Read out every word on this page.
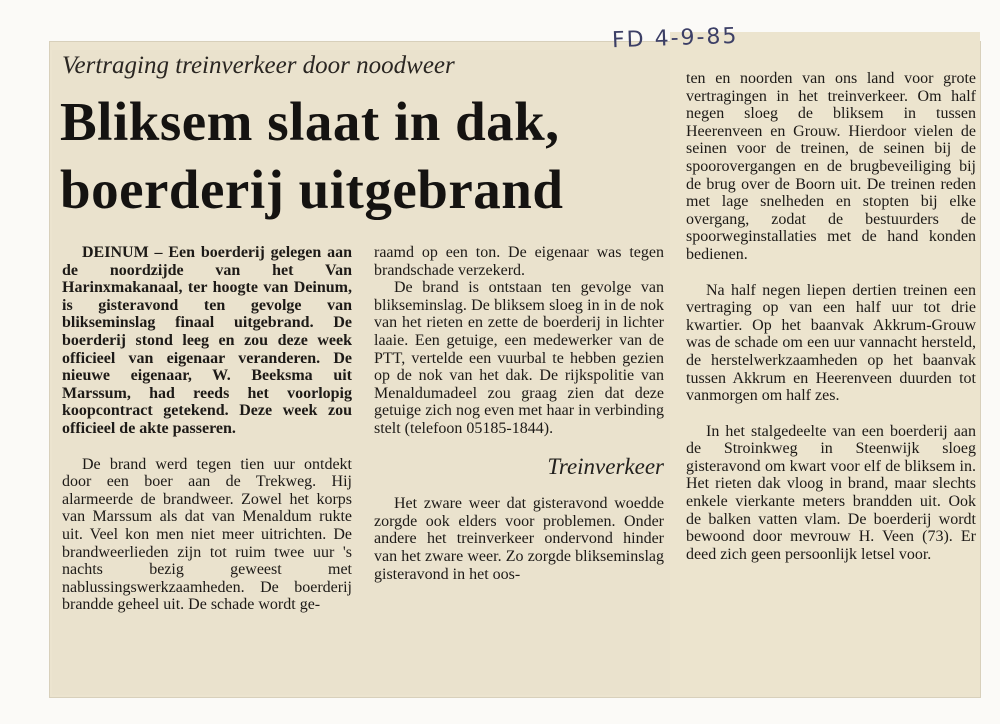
FD 4-9-85
Vertraging treinverkeer door noodweer
Bliksem slaat in dak, boerderij uitgebrand

DEINUM – Een boerderij gelegen aan de noordzijde van het Van Harinxmakanaal, ter hoogte van Deinum, is gisteravond ten gevolge van blikseminslag finaal uitgebrand. De boerderij stond leeg en zou deze week officieel van eigenaar veranderen. De nieuwe eigenaar, W. Beeksma uit Marssum, had reeds het voorlopig koopcontract getekend. Deze week zou officieel de akte passeren.

De brand werd tegen tien uur ontdekt door een boer aan de Trekweg. Hij alarmeerde de brandweer. Zowel het korps van Marssum als dat van Menaldum rukte uit. Veel kon men niet meer uitrichten. De brandweerlieden zijn tot ruim twee uur 's nachts bezig geweest met nablussingswerkzaamheden. De boerderij brandde geheel uit. De schade wordt ge-

raamd op een ton. De eigenaar was tegen brandschade verzekerd.

De brand is ontstaan ten gevolge van blikseminslag. De bliksem sloeg in in de nok van het rieten en zette de boerderij in lichter laaie. Een getuige, een medewerker van de PTT, vertelde een vuurbal te hebben gezien op de nok van het dak. De rijkspolitie van Menaldumadeel zou graag zien dat deze getuige zich nog even met haar in verbinding stelt (telefoon 05185-1844).

Treinverkeer

Het zware weer dat gisteravond woedde zorgde ook elders voor problemen. Onder andere het treinverkeer ondervond hinder van het zware weer. Zo zorgde blikseminslag gisteravond in het oos-

ten en noorden van ons land voor grote vertragingen in het treinverkeer. Om half negen sloeg de bliksem in tussen Heerenveen en Grouw. Hierdoor vielen de seinen voor de treinen, de seinen bij de spoorovergangen en de brugbeveiliging bij de brug over de Boorn uit. De treinen reden met lage snelheden en stopten bij elke overgang, zodat de bestuurders de spoorweginstallaties met de hand konden bedienen.

Na half negen liepen dertien treinen een vertraging op van een half uur tot drie kwartier. Op het baanvak Akkrum-Grouw was de schade om een uur vannacht hersteld, de herstelwerkzaamheden op het baanvak tussen Akkrum en Heerenveen duurden tot vanmorgen om half zes.

In het stalgedeelte van een boerderij aan de Stroinkweg in Steenwijk sloeg gisteravond om kwart voor elf de bliksem in. Het rieten dak vloog in brand, maar slechts enkele vierkante meters brandden uit. Ook de balken vatten vlam. De boerderij wordt bewoond door mevrouw H. Veen (73). Er deed zich geen persoonlijk letsel voor.
